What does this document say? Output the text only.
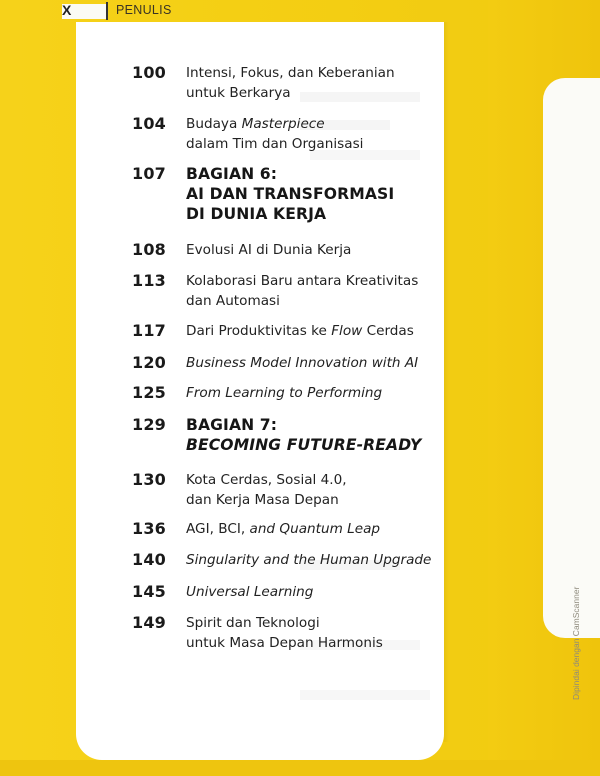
X	PENULIS
100	Intensi, Fokus, dan Keberanian
untuk Berkarya
104	Budaya Masterpiece
dalam Tim dan Organisasi
107	BAGIAN 6:
AI DAN TRANSFORMASI
DI DUNIA KERJA
108	Evolusi AI di Dunia Kerja
113	Kolaborasi Baru antara Kreativitas
dan Automasi
117	Dari Produktivitas ke Flow Cerdas
120	Business Model Innovation with AI
125	From Learning to Performing
129	BAGIAN 7:
BECOMING FUTURE-READY
130	Kota Cerdas, Sosial 4.0,
dan Kerja Masa Depan
136	AGI, BCI, and Quantum Leap
140	Singularity and the Human Upgrade
145	Universal Learning
149	Spirit dan Teknologi
untuk Masa Depan Harmonis	Dipindai dengan CamScanner
